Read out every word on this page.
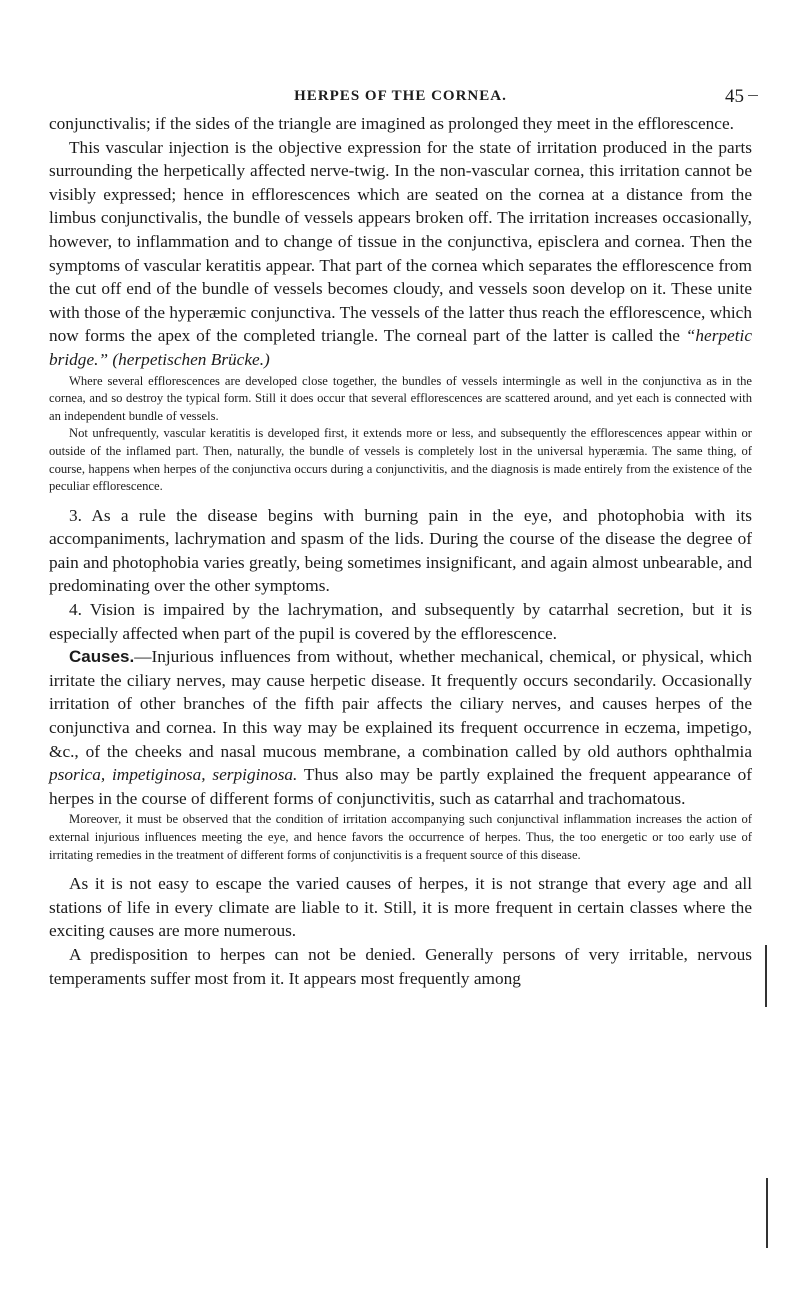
HERPES OF THE CORNEA.	45

conjunctivalis; if the sides of the triangle are imagined as prolonged they meet in the efflorescence.

This vascular injection is the objective expression for the state of irritation produced in the parts surrounding the herpetically affected nerve-twig. In the non-vascular cornea, this irritation cannot be visibly expressed; hence in efflorescences which are seated on the cornea at a distance from the limbus conjunctivalis, the bundle of vessels appears broken off. The irritation increases occasionally, however, to inflammation and to change of tissue in the conjunctiva, episclera and cornea. Then the symptoms of vascular keratitis appear. That part of the cornea which separates the efflorescence from the cut off end of the bundle of vessels becomes cloudy, and vessels soon develop on it. These unite with those of the hyperæmic conjunctiva. The vessels of the latter thus reach the efflorescence, which now forms the apex of the completed triangle. The corneal part of the latter is called the “herpetic bridge.” (herpetischen Brücke.)

Where several efflorescences are developed close together, the bundles of vessels intermingle as well in the conjunctiva as in the cornea, and so destroy the typical form. Still it does occur that several efflorescences are scattered around, and yet each is connected with an independent bundle of vessels.

Not unfrequently, vascular keratitis is developed first, it extends more or less, and subsequently the efflorescences appear within or outside of the inflamed part. Then, naturally, the bundle of vessels is completely lost in the universal hyperæmia. The same thing, of course, happens when herpes of the conjunctiva occurs during a conjunctivitis, and the diagnosis is made entirely from the existence of the peculiar efflorescence.

3. As a rule the disease begins with burning pain in the eye, and photophobia with its accompaniments, lachrymation and spasm of the lids. During the course of the disease the degree of pain and photophobia varies greatly, being sometimes insignificant, and again almost unbearable, and predominating over the other symptoms.

4. Vision is impaired by the lachrymation, and subsequently by catarrhal secretion, but it is especially affected when part of the pupil is covered by the efflorescence.

Causes.—Injurious influences from without, whether mechanical, chemical, or physical, which irritate the ciliary nerves, may cause herpetic disease. It frequently occurs secondarily. Occasionally irritation of other branches of the fifth pair affects the ciliary nerves, and causes herpes of the conjunctiva and cornea. In this way may be explained its frequent occurrence in eczema, impetigo, &c., of the cheeks and nasal mucous membrane, a combination called by old authors ophthalmia psorica, impetiginosa, serpiginosa. Thus also may be partly explained the frequent appearance of herpes in the course of different forms of conjunctivitis, such as catarrhal and trachomatous.

Moreover, it must be observed that the condition of irritation accompanying such conjunctival inflammation increases the action of external injurious influences meeting the eye, and hence favors the occurrence of herpes. Thus, the too energetic or too early use of irritating remedies in the treatment of different forms of conjunctivitis is a frequent source of this disease.

As it is not easy to escape the varied causes of herpes, it is not strange that every age and all stations of life in every climate are liable to it. Still, it is more frequent in certain classes where the exciting causes are more numerous.

A predisposition to herpes can not be denied. Generally persons of very irritable, nervous temperaments suffer most from it. It appears most frequently among
